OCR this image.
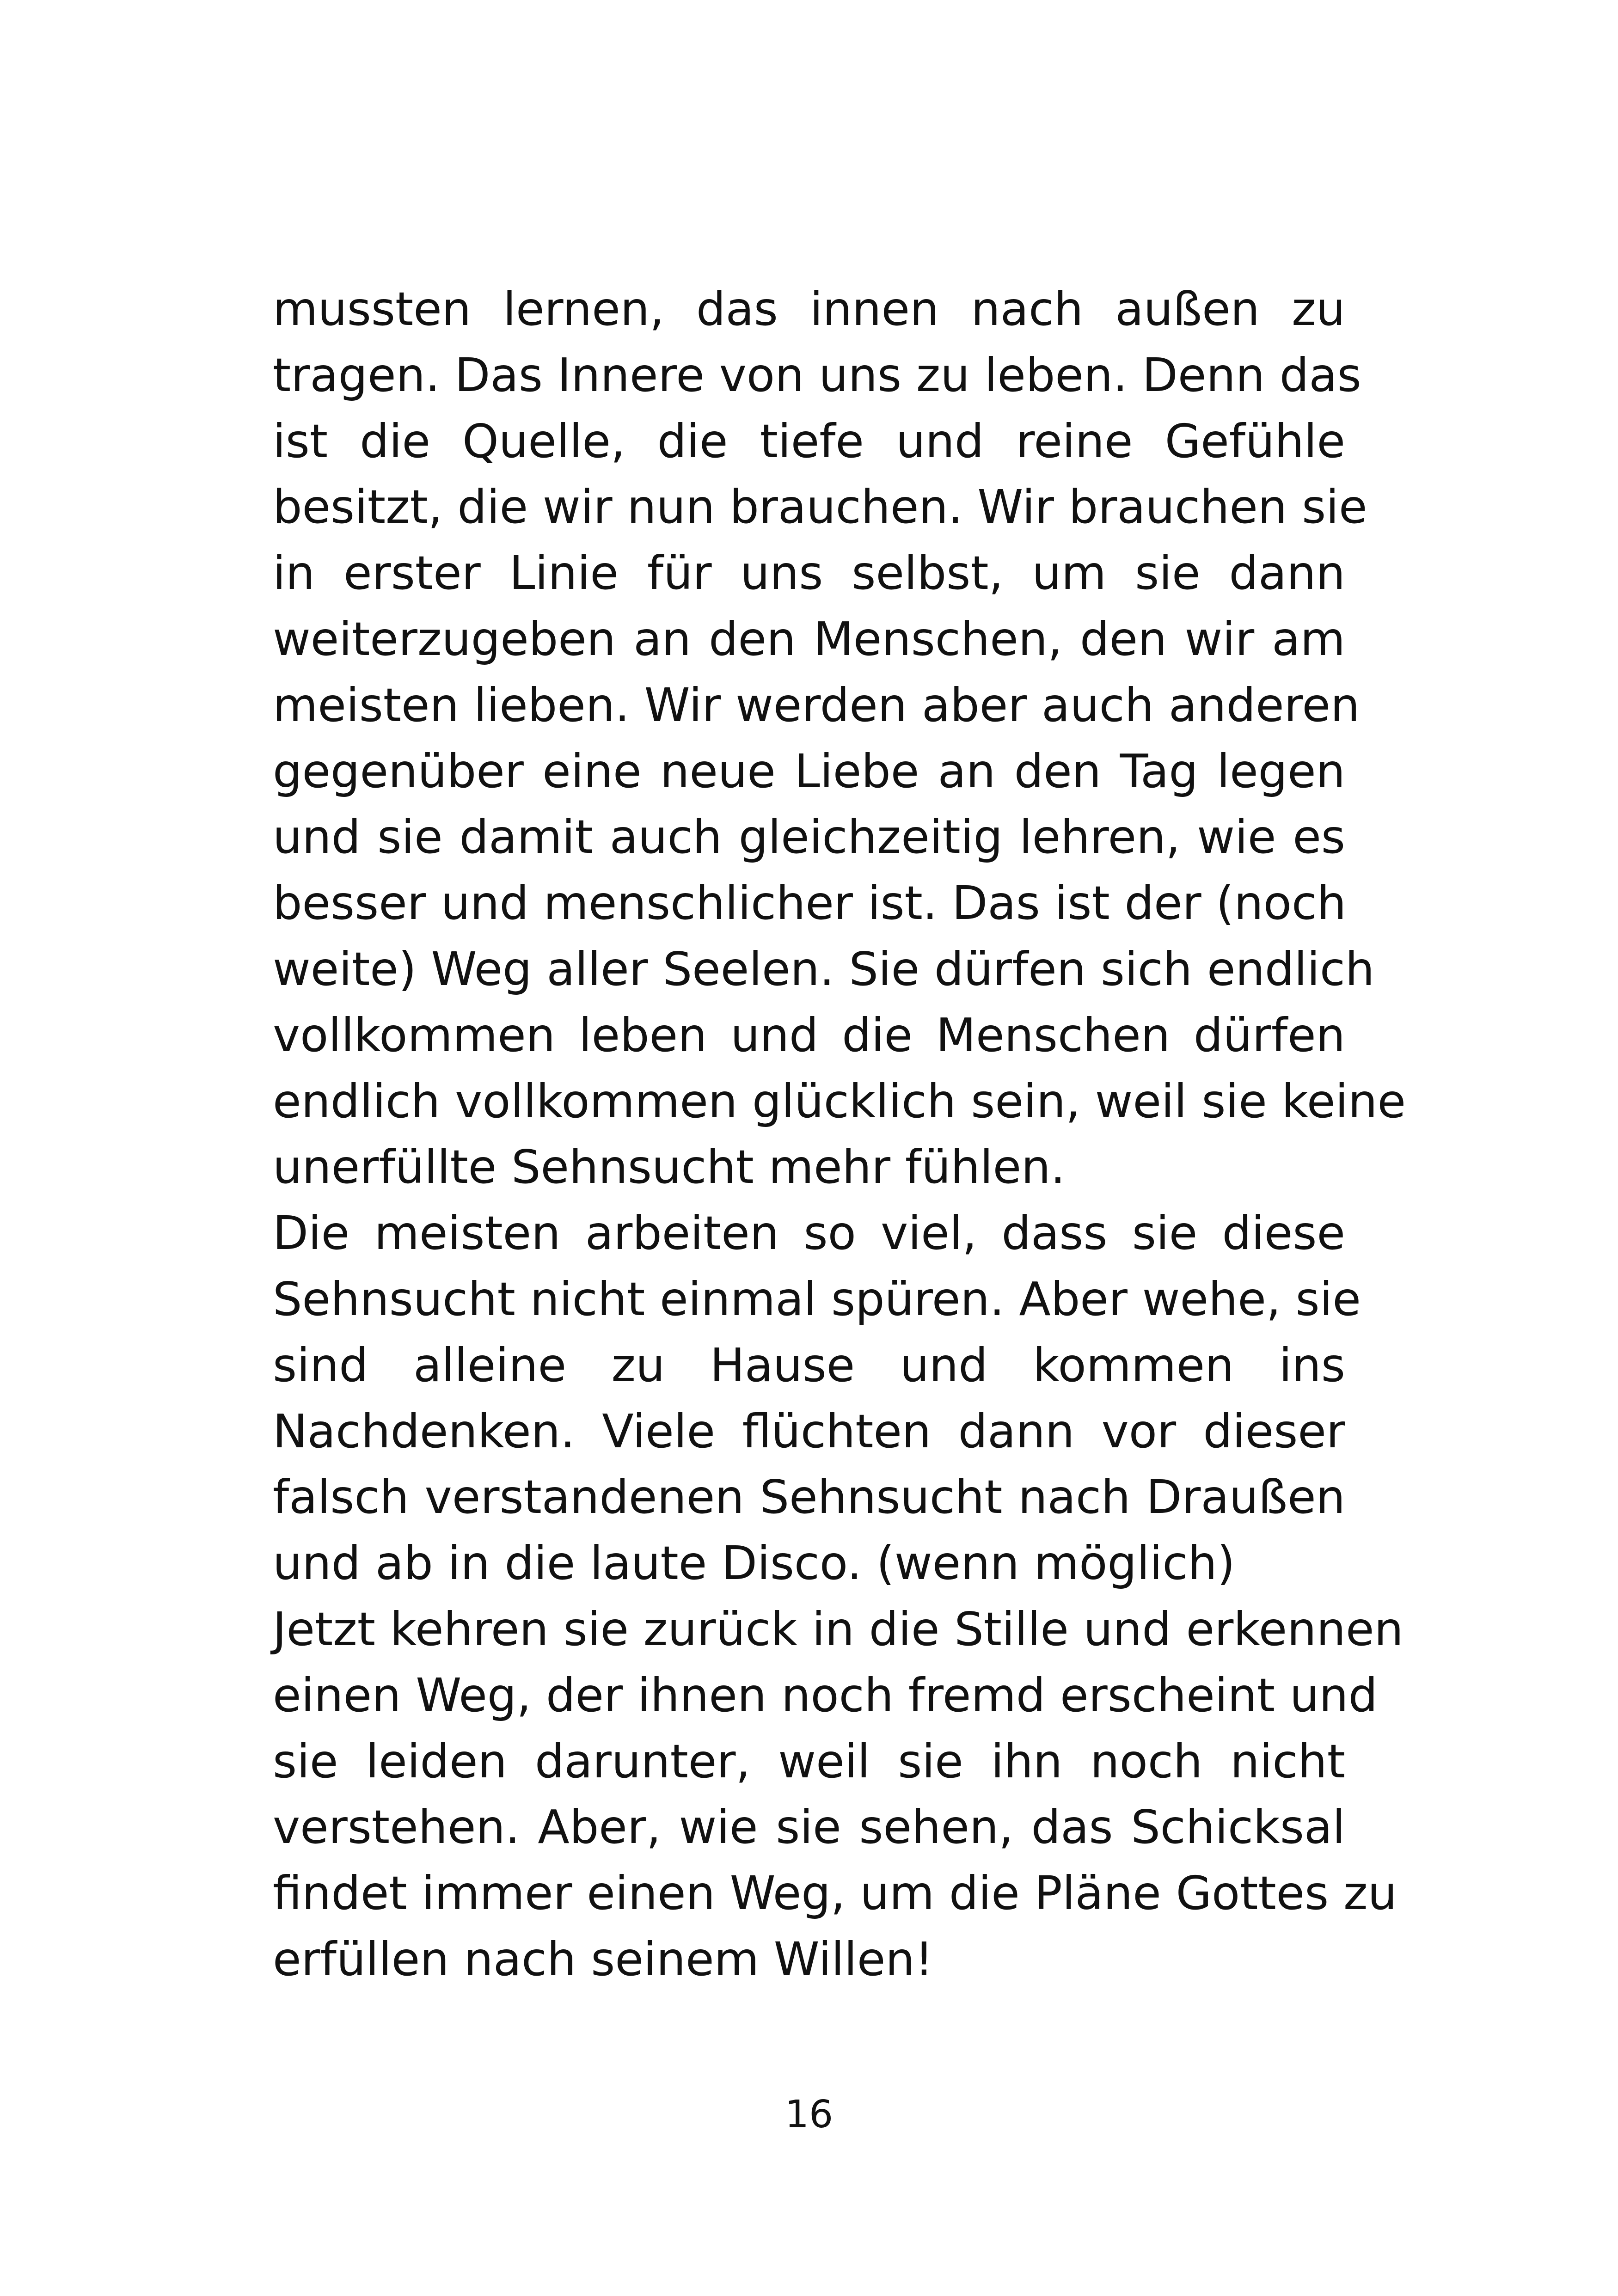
mussten lernen, das innen nach außen zu
tragen. Das Innere von uns zu leben. Denn das
ist die Quelle, die tiefe und reine Gefühle
besitzt, die wir nun brauchen. Wir brauchen sie
in erster Linie für uns selbst, um sie dann
weiterzugeben an den Menschen, den wir am
meisten lieben. Wir werden aber auch anderen
gegenüber eine neue Liebe an den Tag legen
und sie damit auch gleichzeitig lehren, wie es
besser und menschlicher ist. Das ist der (noch
weite) Weg aller Seelen. Sie dürfen sich endlich
vollkommen leben und die Menschen dürfen
endlich vollkommen glücklich sein, weil sie keine
unerfüllte Sehnsucht mehr fühlen.
Die meisten arbeiten so viel, dass sie diese
Sehnsucht nicht einmal spüren. Aber wehe, sie
sind alleine zu Hause und kommen ins
Nachdenken. Viele flüchten dann vor dieser
falsch verstandenen Sehnsucht nach Draußen
und ab in die laute Disco. (wenn möglich)
Jetzt kehren sie zurück in die Stille und erkennen
einen Weg, der ihnen noch fremd erscheint und
sie leiden darunter, weil sie ihn noch nicht
verstehen. Aber, wie sie sehen, das Schicksal
findet immer einen Weg, um die Pläne Gottes zu
erfüllen nach seinem Willen!
16
